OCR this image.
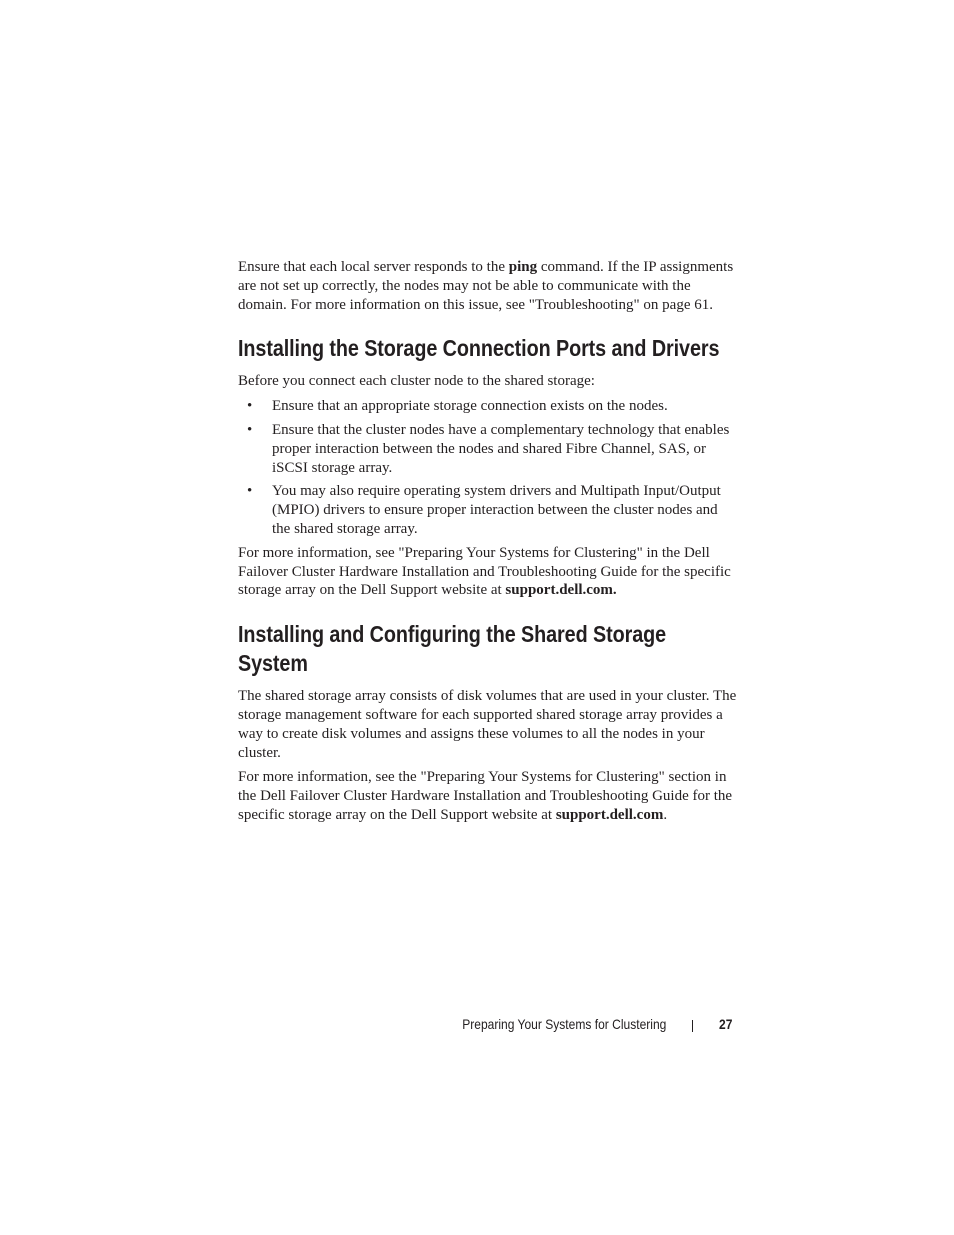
Ensure that each local server responds to the ping command. If the IP assignments are not set up correctly, the nodes may not be able to communicate with the domain. For more information on this issue, see "Troubleshooting" on page 61.

Installing the Storage Connection Ports and Drivers

Before you connect each cluster node to the shared storage:

• Ensure that an appropriate storage connection exists on the nodes.

• Ensure that the cluster nodes have a complementary technology that enables proper interaction between the nodes and shared Fibre Channel, SAS, or iSCSI storage array.

• You may also require operating system drivers and Multipath Input/Output (MPIO) drivers to ensure proper interaction between the cluster nodes and the shared storage array.

For more information, see "Preparing Your Systems for Clustering" in the Dell Failover Cluster Hardware Installation and Troubleshooting Guide for the specific storage array on the Dell Support website at support.dell.com.

Installing and Configuring the Shared Storage System

The shared storage array consists of disk volumes that are used in your cluster. The storage management software for each supported shared storage array provides a way to create disk volumes and assigns these volumes to all the nodes in your cluster.

For more information, see the "Preparing Your Systems for Clustering" section in the Dell Failover Cluster Hardware Installation and Troubleshooting Guide for the specific storage array on the Dell Support website at support.dell.com.

Preparing Your Systems for Clustering	27
